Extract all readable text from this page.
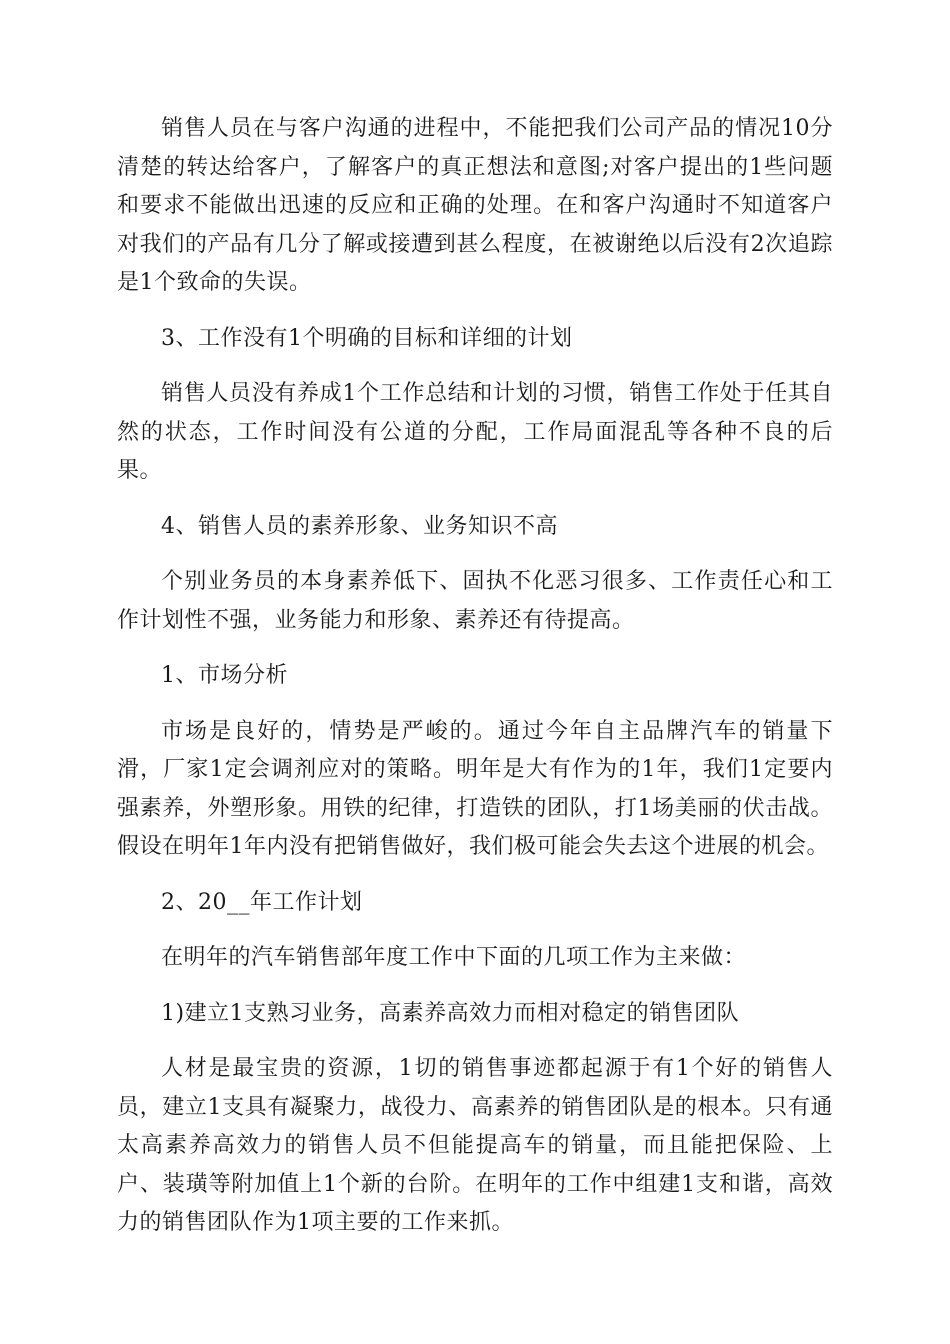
销售人员在与客户沟通的进程中，不能把我们公司产品的情况10分清楚的转达给客户，了解客户的真正想法和意图;对客户提出的1些问题和要求不能做出迅速的反应和正确的处理。在和客户沟通时不知道客户对我们的产品有几分了解或接遭到甚么程度，在被谢绝以后没有2次追踪是1个致命的失误。

3、工作没有1个明确的目标和详细的计划

销售人员没有养成1个工作总结和计划的习惯，销售工作处于任其自然的状态，工作时间没有公道的分配，工作局面混乱等各种不良的后果。

4、销售人员的素养形象、业务知识不高

个别业务员的本身素养低下、固执不化恶习很多、工作责任心和工作计划性不强，业务能力和形象、素养还有待提高。

1、市场分析

市场是良好的，情势是严峻的。通过今年自主品牌汽车的销量下滑，厂家1定会调剂应对的策略。明年是大有作为的1年，我们1定要内强素养，外塑形象。用铁的纪律，打造铁的团队，打1场美丽的伏击战。假设在明年1年内没有把销售做好，我们极可能会失去这个进展的机会。

2、20__年工作计划

在明年的汽车销售部年度工作中下面的几项工作为主来做：

1)建立1支熟习业务，高素养高效力而相对稳定的销售团队

人材是最宝贵的资源，1切的销售事迹都起源于有1个好的销售人员，建立1支具有凝聚力，战役力、高素养的销售团队是的根本。只有通太高素养高效力的销售人员不但能提高车的销量，而且能把保险、上户、装璜等附加值上1个新的台阶。在明年的工作中组建1支和谐，高效力的销售团队作为1项主要的工作来抓。
